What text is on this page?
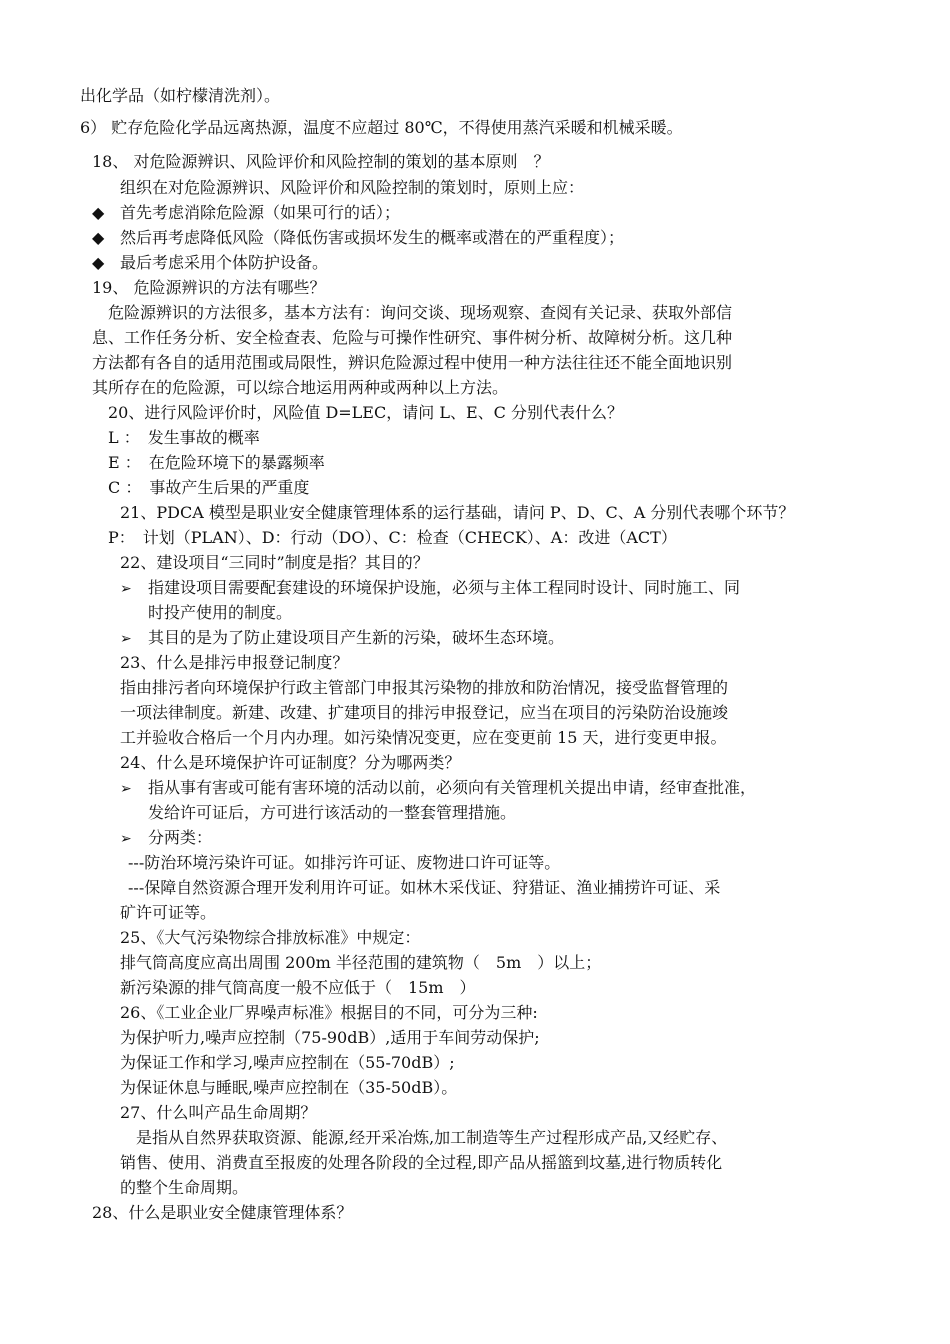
出化学品（如柠檬清洗剂）。
6） 贮存危险化学品远离热源，温度不应超过 80℃，不得使用蒸汽采暖和机械采暖。
18、 对危险源辨识、风险评价和风险控制的策划的基本原则　？
组织在对危险源辨识、风险评价和风险控制的策划时，原则上应：
◆ 首先考虑消除危险源（如果可行的话）；
◆ 然后再考虑降低风险（降低伤害或损坏发生的概率或潜在的严重程度）；
◆ 最后考虑采用个体防护设备。
19、 危险源辨识的方法有哪些？
　危险源辨识的方法很多，基本方法有：询问交谈、现场观察、查阅有关记录、获取外部信
息、工作任务分析、安全检查表、危险与可操作性研究、事件树分析、故障树分析。这几种
方法都有各自的适用范围或局限性，辨识危险源过程中使用一种方法往往还不能全面地识别
其所存在的危险源，可以综合地运用两种或两种以上方法。
20、进行风险评价时，风险值 D=LEC，请问 L、E、C 分别代表什么？
L ：　发生事故的概率
E ：　在危险环境下的暴露频率
C ：　事故产生后果的严重度
21、PDCA 模型是职业安全健康管理体系的运行基础，请问 P、D、C、A 分别代表哪个环节？
P：　计划（PLAN）、D：行动（DO）、C：检查（CHECK）、A：改进（ACT）
22、建设项目“三同时”制度是指？其目的？
➢ 指建设项目需要配套建设的环境保护设施，必须与主体工程同时设计、同时施工、同
时投产使用的制度。
➢ 其目的是为了防止建设项目产生新的污染，破坏生态环境。
23、什么是排污申报登记制度？
指由排污者向环境保护行政主管部门申报其污染物的排放和防治情况，接受监督管理的
一项法律制度。新建、改建、扩建项目的排污申报登记，应当在项目的污染防治设施竣
工并验收合格后一个月内办理。如污染情况变更，应在变更前 15 天，进行变更申报。
24、什么是环境保护许可证制度？分为哪两类？
➢ 指从事有害或可能有害环境的活动以前，必须向有关管理机关提出申请，经审查批准，
发给许可证后，方可进行该活动的一整套管理措施。
➢ 分两类：
---防治环境污染许可证。如排污许可证、废物进口许可证等。
---保障自然资源合理开发利用许可证。如林木采伐证、狩猎证、渔业捕捞许可证、采
矿许可证等。
25、《大气污染物综合排放标准》中规定：
排气筒高度应高出周围 200m 半径范围的建筑物（　5m　）以上；
新污染源的排气筒高度一般不应低于（　15m　）
26、《工业企业厂界噪声标准》根据目的不同，可分为三种:
为保护听力,噪声应控制（75-90dB）,适用于车间劳动保护;
为保证工作和学习,噪声应控制在（55-70dB）;
为保证休息与睡眠,噪声应控制在（35-50dB）。
27、什么叫产品生命周期？
　是指从自然界获取资源、能源,经开采冶炼,加工制造等生产过程形成产品,又经贮存、
销售、使用、消费直至报废的处理各阶段的全过程,即产品从摇篮到坟墓,进行物质转化
的整个生命周期。
28、什么是职业安全健康管理体系？
